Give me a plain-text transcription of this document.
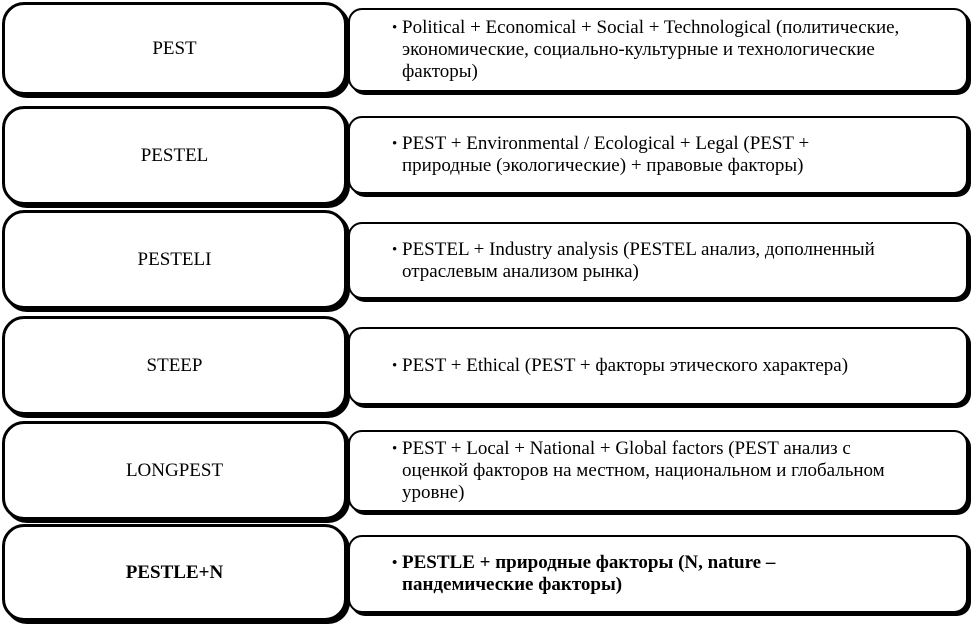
PEST
• Political + Economical + Social + Technological (политические, экономические, социально-культурные и технологические факторы)
PESTEL
• PEST + Environmental / Ecological + Legal (PEST + природные (экологические) + правовые факторы)
PESTELI	• PESTEL + Industry analysis (PESTEL анализ, дополненный отраслевым анализом рынка)
STEEP	• PEST + Ethical (PEST + факторы этического характера)
LONGPEST
• PEST + Local + National + Global factors (PEST анализ с оценкой факторов на местном, национальном и глобальном уровне)
PESTLE+N	• PESTLE + природные факторы (N, nature – пандемические факторы)
